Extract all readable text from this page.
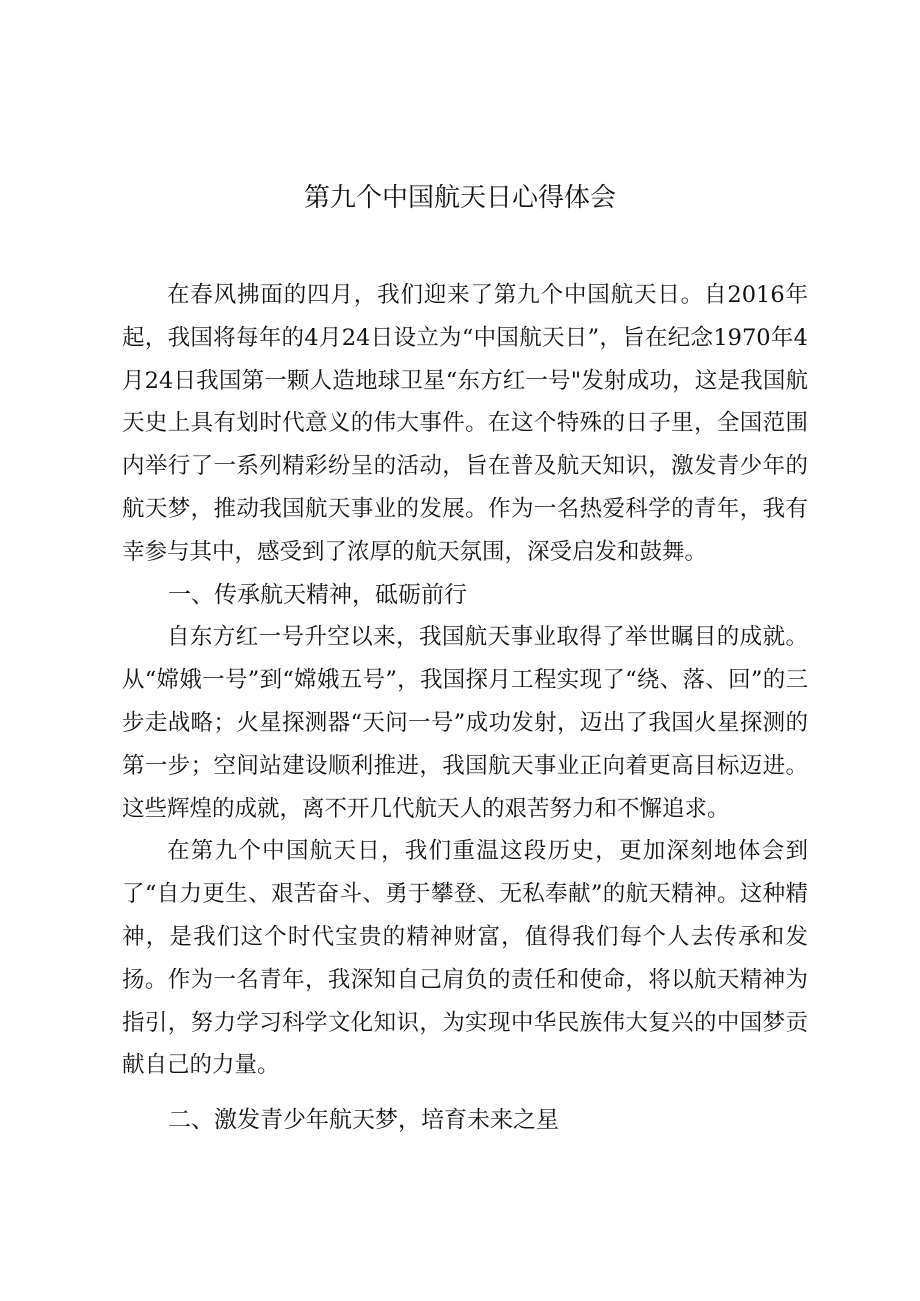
第九个中国航天日心得体会

在春风拂面的四月，我们迎来了第九个中国航天日。自2016年起，我国将每年的4月24日设立为“中国航天日”，旨在纪念1970年4月24日我国第一颗人造地球卫星“东方红一号"发射成功，这是我国航天史上具有划时代意义的伟大事件。在这个特殊的日子里，全国范围内举行了一系列精彩纷呈的活动，旨在普及航天知识，激发青少年的航天梦，推动我国航天事业的发展。作为一名热爱科学的青年，我有幸参与其中，感受到了浓厚的航天氛围，深受启发和鼓舞。

一、传承航天精神，砥砺前行

自东方红一号升空以来，我国航天事业取得了举世瞩目的成就。从“嫦娥一号”到“嫦娥五号”，我国探月工程实现了“绕、落、回”的三步走战略；火星探测器“天问一号”成功发射，迈出了我国火星探测的第一步；空间站建设顺利推进，我国航天事业正向着更高目标迈进。这些辉煌的成就，离不开几代航天人的艰苦努力和不懈追求。

在第九个中国航天日，我们重温这段历史，更加深刻地体会到了“自力更生、艰苦奋斗、勇于攀登、无私奉献”的航天精神。这种精神，是我们这个时代宝贵的精神财富，值得我们每个人去传承和发扬。作为一名青年，我深知自己肩负的责任和使命，将以航天精神为指引，努力学习科学文化知识，为实现中华民族伟大复兴的中国梦贡献自己的力量。

二、激发青少年航天梦，培育未来之星
